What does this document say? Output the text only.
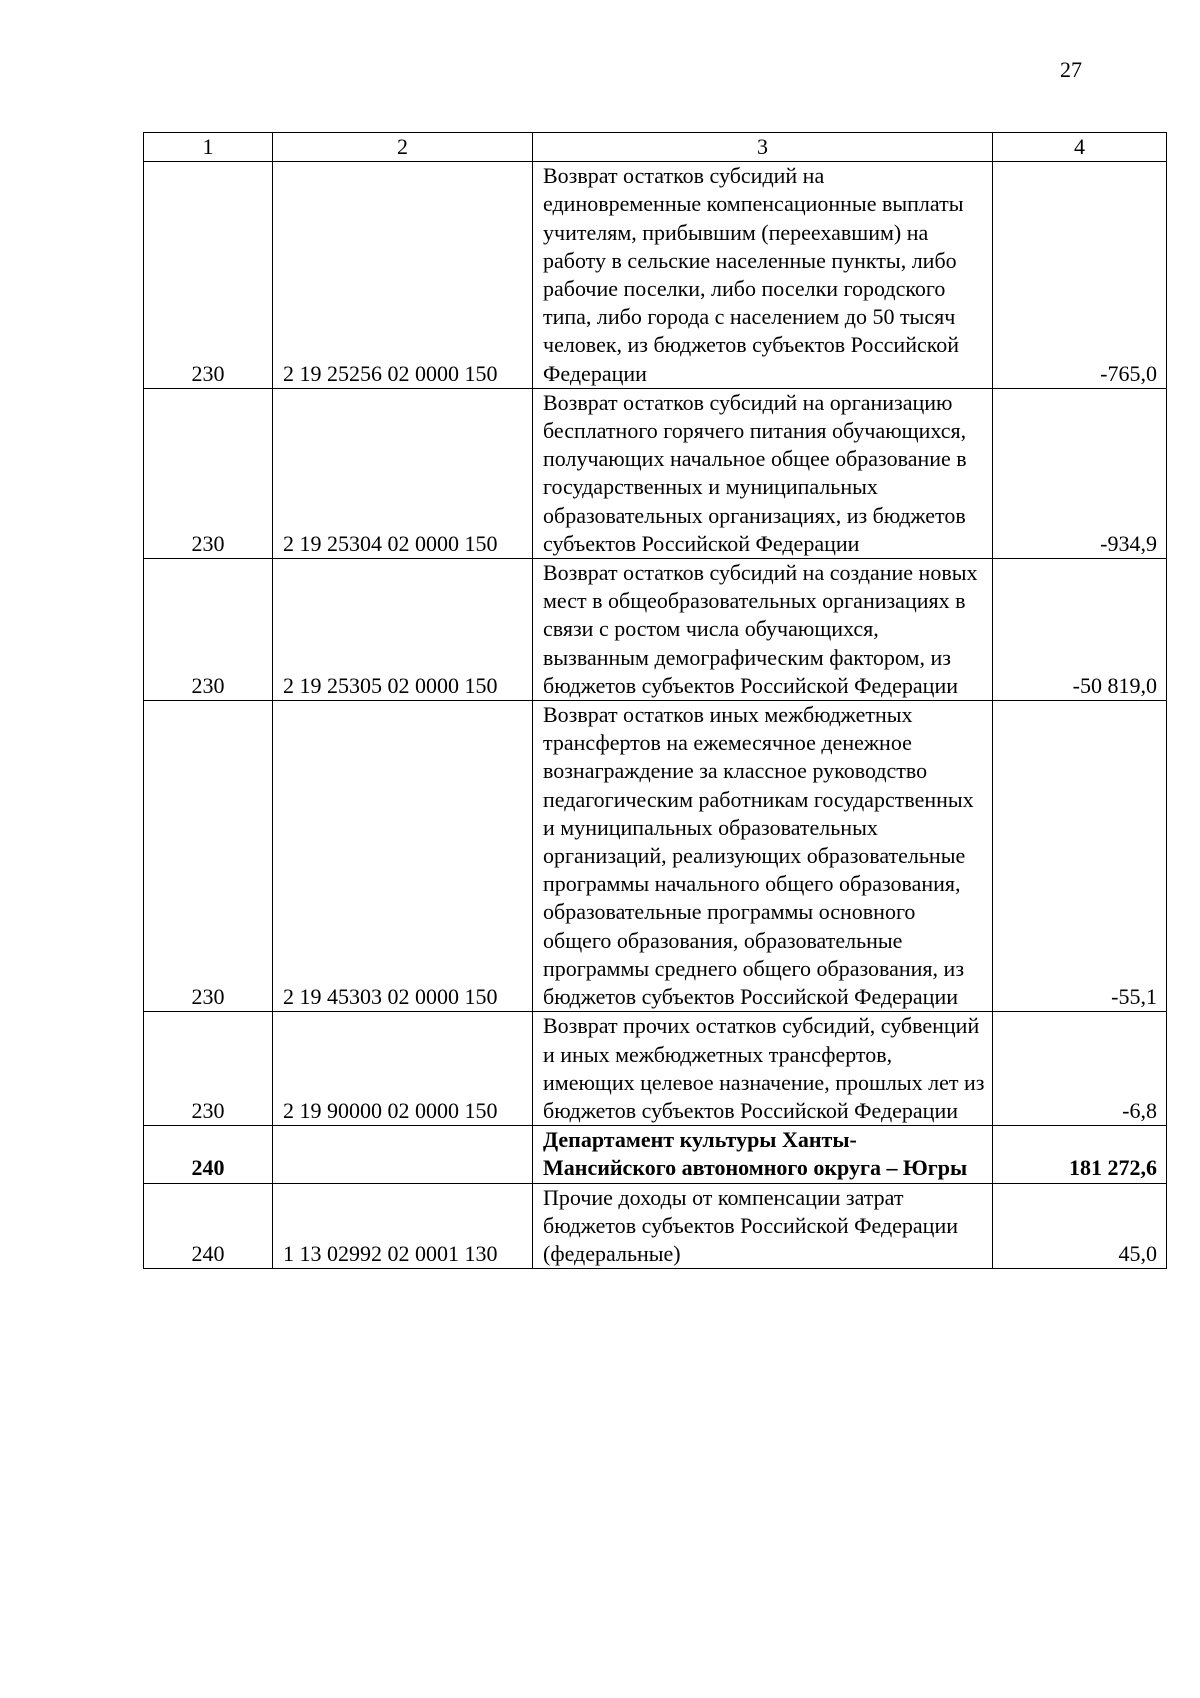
27
1	2	3	4
230	2 19 25256 02 0000 150	Возврат остатков субсидий на единовременные компенсационные выплаты учителям, прибывшим (переехавшим) на работу в сельские населенные пункты, либо рабочие поселки, либо поселки городского типа, либо города с населением до 50 тысяч человек, из бюджетов субъектов Российской Федерации	-765,0
230	2 19 25304 02 0000 150	Возврат остатков субсидий на организацию бесплатного горячего питания обучающихся, получающих начальное общее образование в государственных и муниципальных образовательных организациях, из бюджетов субъектов Российской Федерации	-934,9
230	2 19 25305 02 0000 150	Возврат остатков субсидий на создание новых мест в общеобразовательных организациях в связи с ростом числа обучающихся, вызванным демографическим фактором, из бюджетов субъектов Российской Федерации	-50 819,0
230	2 19 45303 02 0000 150	Возврат остатков иных межбюджетных трансфертов на ежемесячное денежное вознаграждение за классное руководство педагогическим работникам государственных и муниципальных образовательных организаций, реализующих образовательные программы начального общего образования, образовательные программы основного общего образования, образовательные программы среднего общего образования, из бюджетов субъектов Российской Федерации	-55,1
230	2 19 90000 02 0000 150	Возврат прочих остатков субсидий, субвенций и иных межбюджетных трансфертов, имеющих целевое назначение, прошлых лет из бюджетов субъектов Российской Федерации	-6,8
240		Департамент культуры Ханты-Мансийского автономного округа – Югры	181 272,6
240	1 13 02992 02 0001 130	Прочие доходы от компенсации затрат бюджетов субъектов Российской Федерации (федеральные)	45,0
